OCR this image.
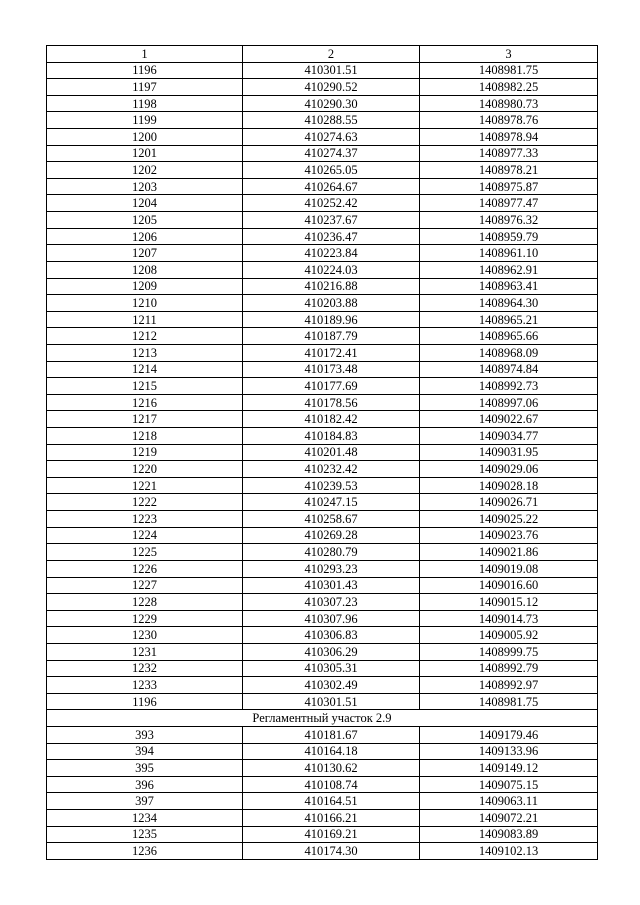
1	2	3
1196	410301.51	1408981.75
1197	410290.52	1408982.25
1198	410290.30	1408980.73
1199	410288.55	1408978.76
1200	410274.63	1408978.94
1201	410274.37	1408977.33
1202	410265.05	1408978.21
1203	410264.67	1408975.87
1204	410252.42	1408977.47
1205	410237.67	1408976.32
1206	410236.47	1408959.79
1207	410223.84	1408961.10
1208	410224.03	1408962.91
1209	410216.88	1408963.41
1210	410203.88	1408964.30
1211	410189.96	1408965.21
1212	410187.79	1408965.66
1213	410172.41	1408968.09
1214	410173.48	1408974.84
1215	410177.69	1408992.73
1216	410178.56	1408997.06
1217	410182.42	1409022.67
1218	410184.83	1409034.77
1219	410201.48	1409031.95
1220	410232.42	1409029.06
1221	410239.53	1409028.18
1222	410247.15	1409026.71
1223	410258.67	1409025.22
1224	410269.28	1409023.76
1225	410280.79	1409021.86
1226	410293.23	1409019.08
1227	410301.43	1409016.60
1228	410307.23	1409015.12
1229	410307.96	1409014.73
1230	410306.83	1409005.92
1231	410306.29	1408999.75
1232	410305.31	1408992.79
1233	410302.49	1408992.97
1196	410301.51	1408981.75
Регламентный участок 2.9		
393	410181.67	1409179.46
394	410164.18	1409133.96
395	410130.62	1409149.12
396	410108.74	1409075.15
397	410164.51	1409063.11
1234	410166.21	1409072.21
1235	410169.21	1409083.89
1236	410174.30	1409102.13
